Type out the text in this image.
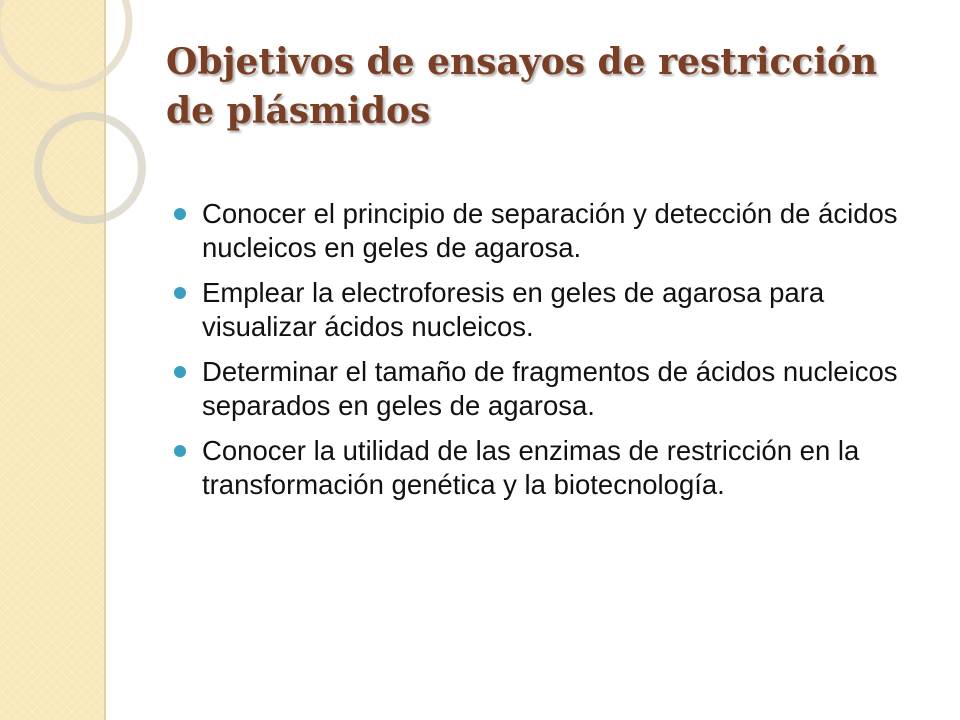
Objetivos de ensayos de restricción de plásmidos
Conocer el principio de separación y detección de ácidos nucleicos en geles de agarosa.
Emplear la electroforesis en geles de agarosa para visualizar ácidos nucleicos.
Determinar el tamaño de fragmentos de ácidos nucleicos separados en geles de agarosa.
Conocer la utilidad de las enzimas de restricción en la transformación genética y la biotecnología.
